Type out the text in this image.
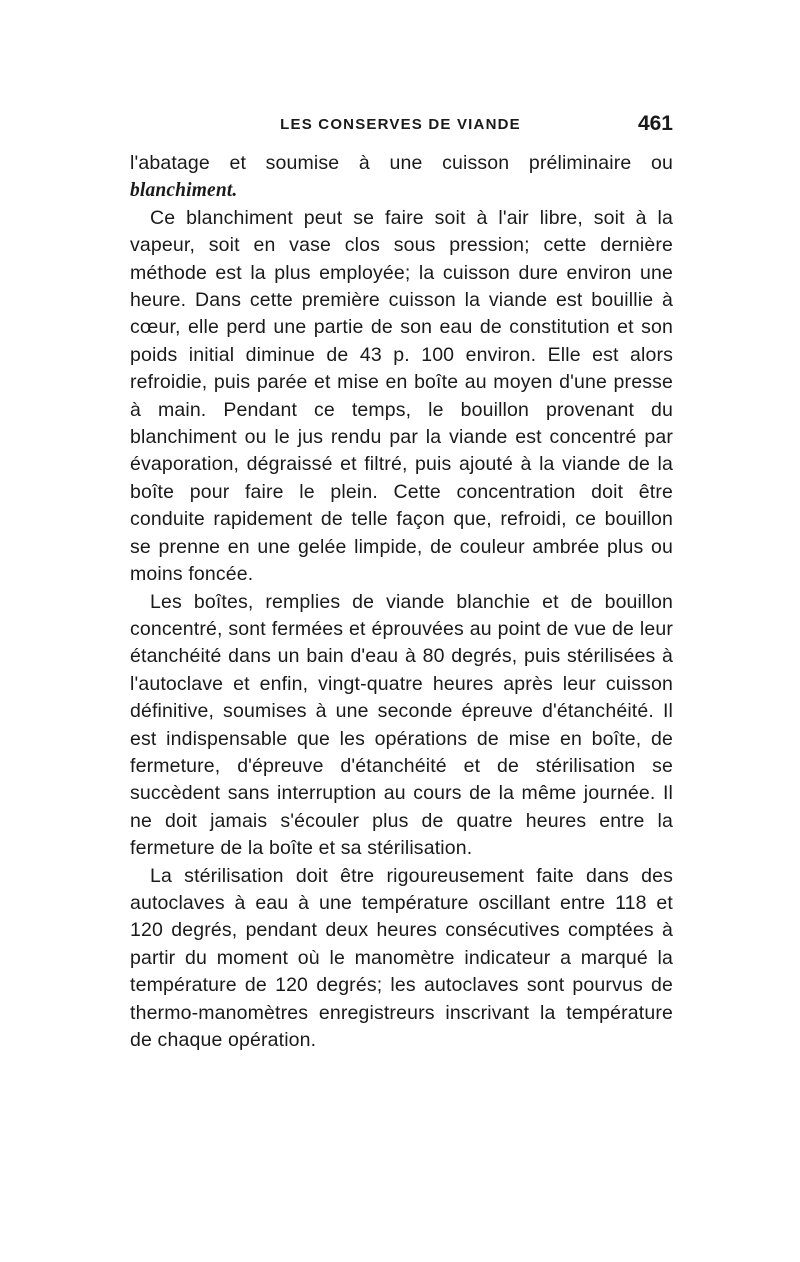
LES CONSERVES DE VIANDE	461

l'abatage et soumise à une cuisson préliminaire ou blanchiment.

Ce blanchiment peut se faire soit à l'air libre, soit à la vapeur, soit en vase clos sous pression; cette dernière méthode est la plus employée; la cuisson dure environ une heure. Dans cette première cuisson la viande est bouillie à cœur, elle perd une partie de son eau de constitution et son poids initial diminue de 43 p. 100 environ. Elle est alors refroidie, puis parée et mise en boîte au moyen d'une presse à main. Pendant ce temps, le bouillon provenant du blanchiment ou le jus rendu par la viande est concentré par évaporation, dégraissé et filtré, puis ajouté à la viande de la boîte pour faire le plein. Cette concentration doit être conduite rapidement de telle façon que, refroidi, ce bouillon se prenne en une gelée limpide, de couleur ambrée plus ou moins foncée.

Les boîtes, remplies de viande blanchie et de bouillon concentré, sont fermées et éprouvées au point de vue de leur étanchéité dans un bain d'eau à 80 degrés, puis stérilisées à l'autoclave et enfin, vingt-quatre heures après leur cuisson définitive, soumises à une seconde épreuve d'étanchéité. Il est indispensable que les opérations de mise en boîte, de fermeture, d'épreuve d'étanchéité et de stérilisation se succèdent sans interruption au cours de la même journée. Il ne doit jamais s'écouler plus de quatre heures entre la fermeture de la boîte et sa stérilisation.

La stérilisation doit être rigoureusement faite dans des autoclaves à eau à une température oscillant entre 118 et 120 degrés, pendant deux heures consécutives comptées à partir du moment où le manomètre indicateur a marqué la température de 120 degrés; les autoclaves sont pourvus de thermo-manomètres enregistreurs inscrivant la température de chaque opération.
